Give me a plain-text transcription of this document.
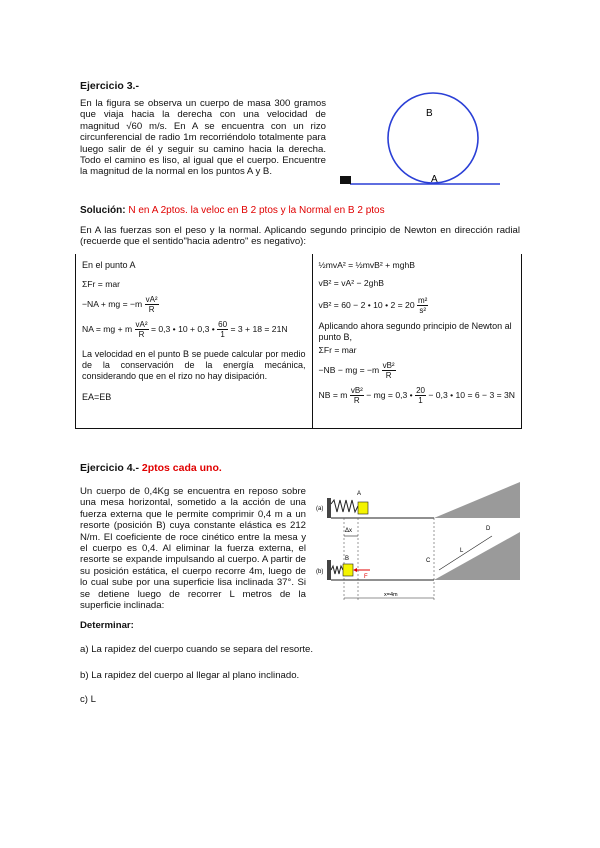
Ejercicio 3.-
En la figura se observa un cuerpo de masa 300 gramos que viaja hacia la derecha con una velocidad de magnitud √60 m/s. En A se encuentra con un rizo circunferencial de radio 1m recorriéndolo totalmente para luego salir de él y seguir su camino hacia la derecha. Todo el camino es liso, al igual que el cuerpo. Encuentre la magnitud de la normal en los puntos A y B.
B
A
Solución: N en A 2ptos. la veloc en B 2 ptos y la Normal en B 2 ptos
En A las fuerzas son el peso y la normal. Aplicando segundo principio de Newton en dirección radial (recuerde que el sentido"hacia adentro" es negativo):
En el punto A
ΣFr = mar
−NA + mg = $-m \frac{\text{vA²}}{R}$
NA = mg + m $\frac{\text{vA²}}{R} = 0,3$ • 10 + 0,3 • $\frac{60}{1} = 3 + 18 = 21N$
La velocidad en el punto B se puede calcular por medio de la conservación de la energía mecánica, considerando que en el rizo no hay disipación.
EA=EB

½mvA² = ½mvB² + mghB
vB² = vA² − 2ghB
vB² = 60 − 2 • 10 • $2 = 20 \frac{\text{m²}}{\text{s²}}$
Aplicando ahora segundo principio de Newton al punto B,
ΣFr = mar
−NB − mg = $-m \frac{\text{vB²}}{R}$
NB = m $\frac{\text{vB²}}{R}$ − mg = 0,3 • $\frac{20}{1} - 0,3$ • 10 = 6 − 3 = 3N
Ejercicio 4.- 2ptos cada uno.
Un cuerpo de 0,4Kg se encuentra en reposo sobre una mesa horizontal, sometido a la acción de una fuerza externa que le permite comprimir 0,4 m a un resorte (posición B) cuya constante elástica es 212 N/m. El coeficiente de roce cinético entre la mesa y el cuerpo es 0,4. Al eliminar la fuerza externa, el resorte se expande impulsando al cuerpo. A partir de su posición estática, el cuerpo recorre 4m, luego de lo cual sube por una superficie lisa inclinada 37°. Si se detiene luego de recorrer L metros de la superficie inclinada:
(a)
A
Δx
(b)
B
F
C
D
L
x=4m
Determinar:
a) La rapidez del cuerpo cuando se separa del resorte.
b) La rapidez del cuerpo al llegar al plano inclinado.
c) L
